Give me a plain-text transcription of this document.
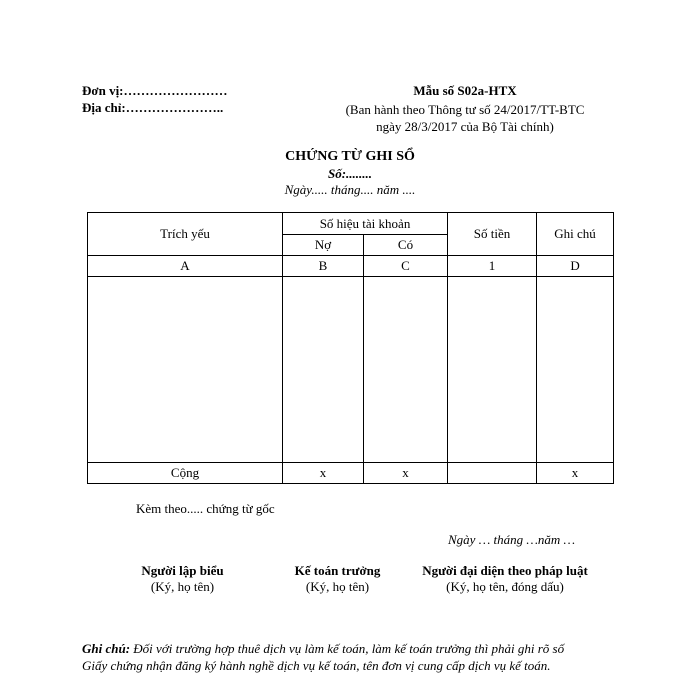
Đơn vị:……………………
Địa chỉ:…………………..
Mẫu số S02a-HTX
(Ban hành theo Thông tư số 24/2017/TT-BTC
ngày 28/3/2017 của Bộ Tài chính)
CHỨNG TỪ GHI SỔ
Số:........
Ngày..... tháng.... năm ....
Trích yếu	Số hiệu tài khoản		Số tiền	Ghi chú
	Nợ	Có		
A	B	C	1	D

Cộng	x	x		x
Kèm theo..... chứng từ gốc
Ngày … tháng …năm …
Người lập biểu
(Ký, họ tên)
Kế toán trưởng
(Ký, họ tên)
Người đại diện theo pháp luật
(Ký, họ tên, đóng dấu)
Ghi chú: Đối với trường hợp thuê dịch vụ làm kế toán, làm kế toán trưởng thì phải ghi rõ số
Giấy chứng nhận đăng ký hành nghề dịch vụ kế toán, tên đơn vị cung cấp dịch vụ kế toán.
